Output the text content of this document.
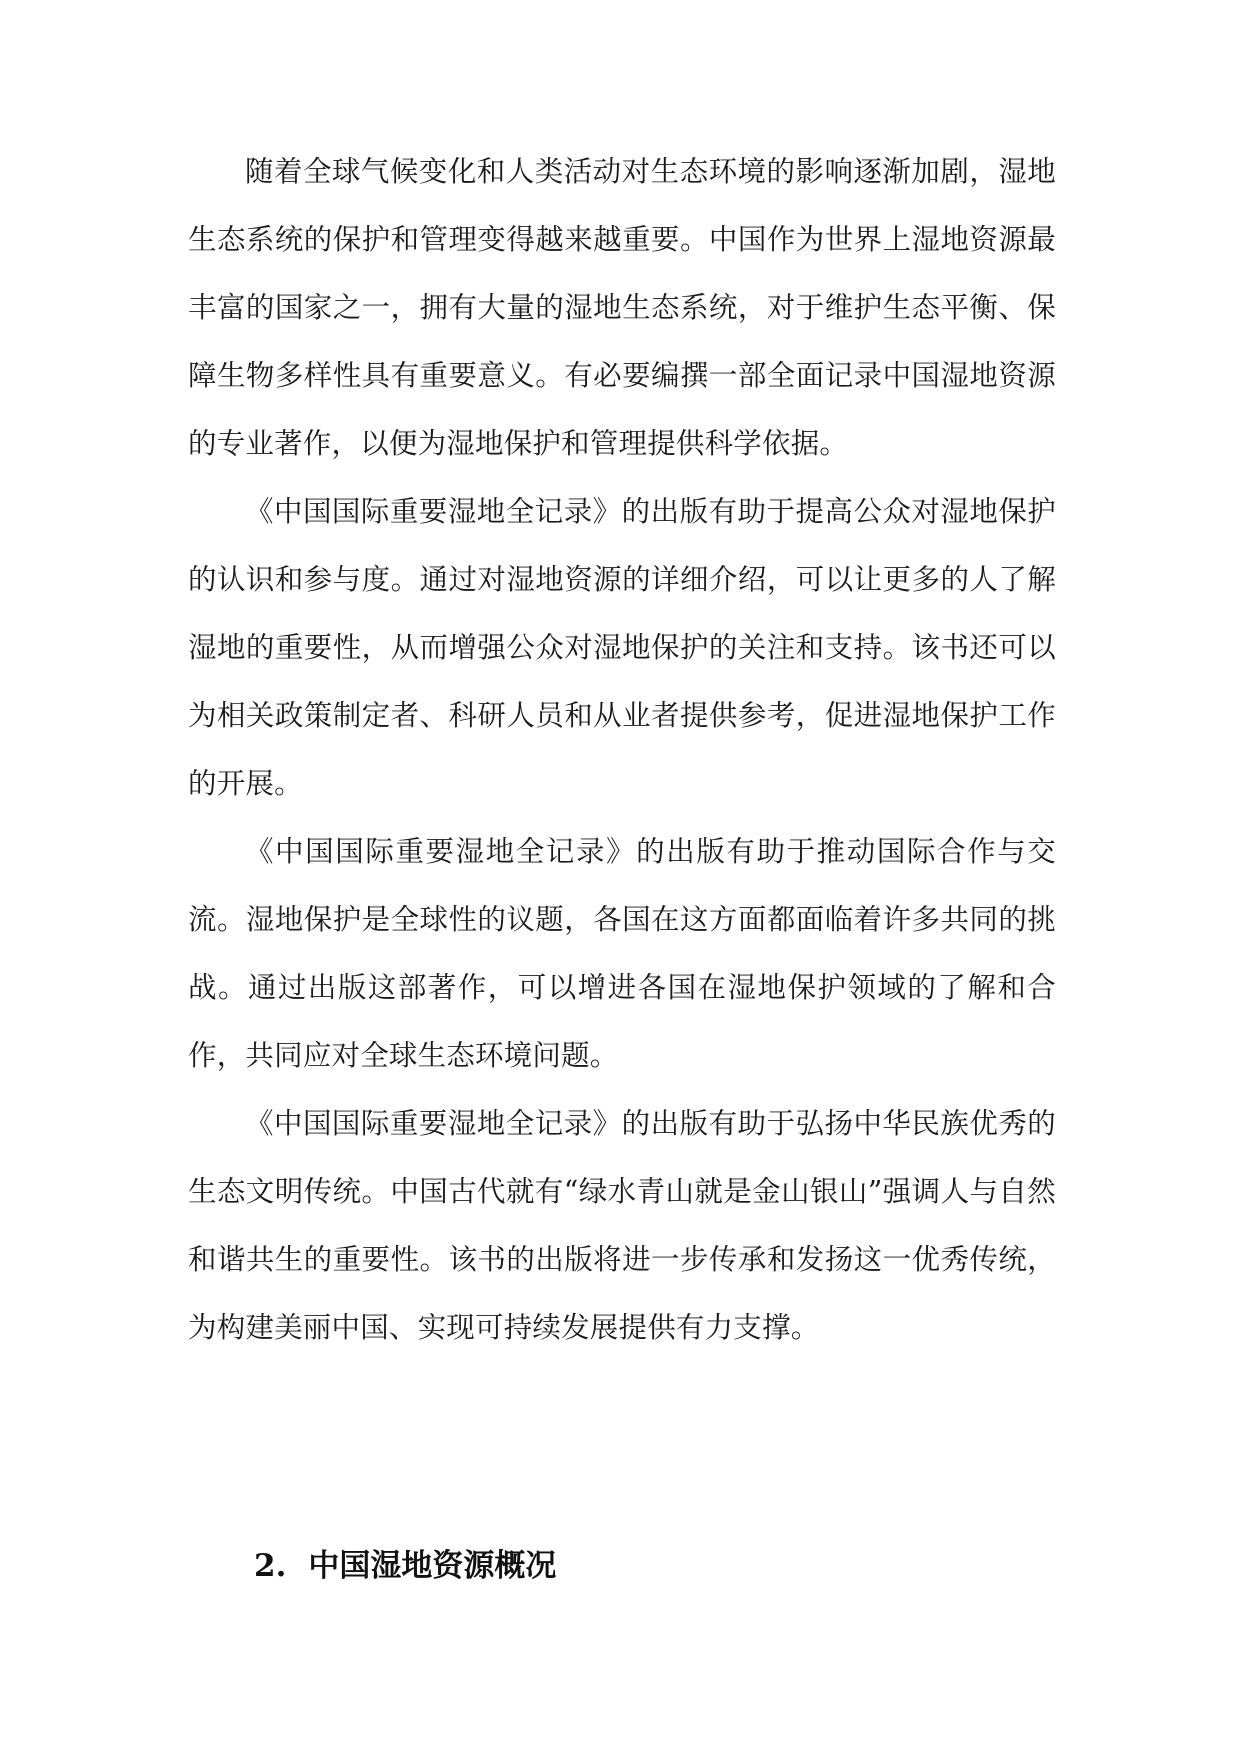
随着全球气候变化和人类活动对生态环境的影响逐渐加剧，湿地生态系统的保护和管理变得越来越重要。中国作为世界上湿地资源最丰富的国家之一，拥有大量的湿地生态系统，对于维护生态平衡、保障生物多样性具有重要意义。有必要编撰一部全面记录中国湿地资源的专业著作，以便为湿地保护和管理提供科学依据。

《中国国际重要湿地全记录》的出版有助于提高公众对湿地保护的认识和参与度。通过对湿地资源的详细介绍，可以让更多的人了解湿地的重要性，从而增强公众对湿地保护的关注和支持。该书还可以为相关政策制定者、科研人员和从业者提供参考，促进湿地保护工作的开展。

《中国国际重要湿地全记录》的出版有助于推动国际合作与交流。湿地保护是全球性的议题，各国在这方面都面临着许多共同的挑战。通过出版这部著作，可以增进各国在湿地保护领域的了解和合作，共同应对全球生态环境问题。

《中国国际重要湿地全记录》的出版有助于弘扬中华民族优秀的生态文明传统。中国古代就有“绿水青山就是金山银山”强调人与自然和谐共生的重要性。该书的出版将进一步传承和发扬这一优秀传统，为构建美丽中国、实现可持续发展提供有力支撑。

2. 中国湿地资源概况
